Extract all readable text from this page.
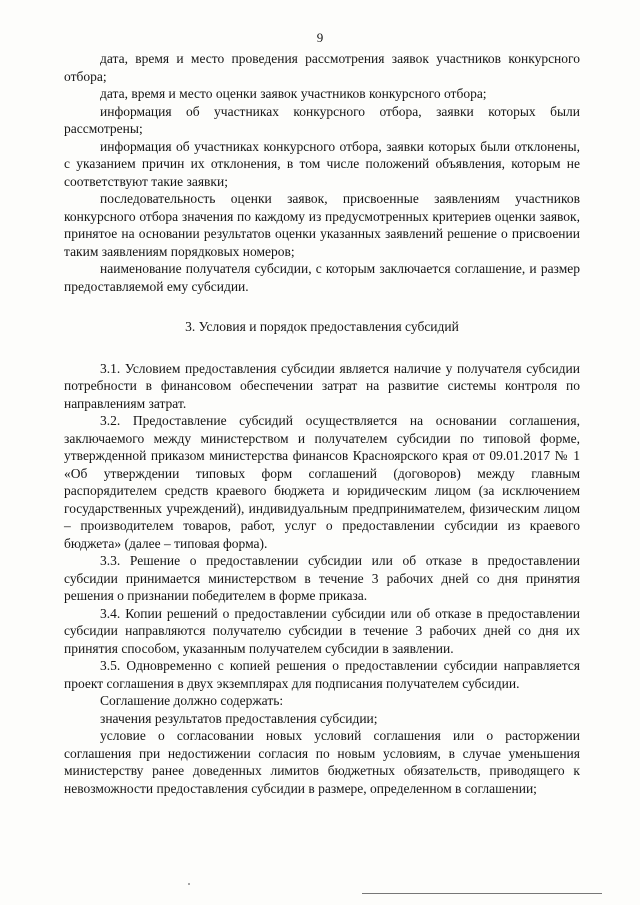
9

дата, время и место проведения рассмотрения заявок участников конкурсного отбора;

дата, время и место оценки заявок участников конкурсного отбора;

информация об участниках конкурсного отбора, заявки которых были рассмотрены;

информация об участниках конкурсного отбора, заявки которых были отклонены, с указанием причин их отклонения, в том числе положений объявления, которым не соответствуют такие заявки;

последовательность оценки заявок, присвоенные заявлениям участников конкурсного отбора значения по каждому из предусмотренных критериев оценки заявок, принятое на основании результатов оценки указанных заявлений решение о присвоении таким заявлениям порядковых номеров;

наименование получателя субсидии, с которым заключается соглашение, и размер предоставляемой ему субсидии.

3. Условия и порядок предоставления субсидий

3.1. Условием предоставления субсидии является наличие у получателя субсидии потребности в финансовом обеспечении затрат на развитие системы контроля по направлениям затрат.

3.2. Предоставление субсидий осуществляется на основании соглашения, заключаемого между министерством и получателем субсидии по типовой форме, утвержденной приказом министерства финансов Красноярского края от 09.01.2017 № 1 «Об утверждении типовых форм соглашений (договоров) между главным распорядителем средств краевого бюджета и юридическим лицом (за исключением государственных учреждений), индивидуальным предпринимателем, физическим лицом – производителем товаров, работ, услуг о предоставлении субсидии из краевого бюджета» (далее – типовая форма).

3.3. Решение о предоставлении субсидии или об отказе в предоставлении субсидии принимается министерством в течение 3 рабочих дней со дня принятия решения о признании победителем в форме приказа.

3.4. Копии решений о предоставлении субсидии или об отказе в предоставлении субсидии направляются получателю субсидии в течение 3 рабочих дней со дня их принятия способом, указанным получателем субсидии в заявлении.

3.5. Одновременно с копией решения о предоставлении субсидии направляется проект соглашения в двух экземплярах для подписания получателем субсидии.

Соглашение должно содержать:

значения результатов предоставления субсидии;

условие о согласовании новых условий соглашения или о расторжении соглашения при недостижении согласия по новым условиям, в случае уменьшения министерству ранее доведенных лимитов бюджетных обязательств, приводящего к невозможности предоставления субсидии в размере, определенном в соглашении;
